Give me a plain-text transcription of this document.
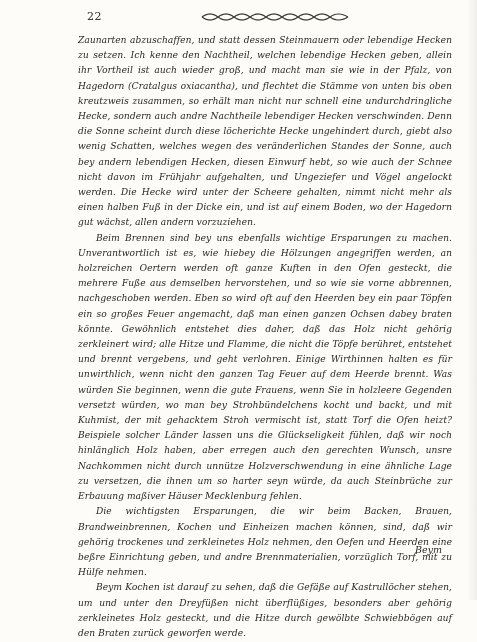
22

Zaunarten abzuschaffen, und statt dessen Steinmauern oder lebendige Hecken zu setzen. Ich kenne den Nachtheil, welchen lebendige Hecken geben, allein ihr Vortheil ist auch wieder groß, und macht man sie wie in der Pfalz, von Hagedorn (Cratalgus oxiacantha), und flechtet die Stämme von unten bis oben kreutzweis zusammen, so erhält man nicht nur schnell eine undurchdringliche Hecke, sondern auch andre Nachtheile lebendiger Hecken verschwinden. Denn die Sonne scheint durch diese löcherichte Hecke ungehindert durch, giebt also wenig Schatten, welches wegen des veränderlichen Standes der Sonne, auch bey andern lebendigen Hecken, diesen Einwurf hebt, so wie auch der Schnee nicht davon im Frühjahr aufgehalten, und Ungeziefer und Vögel angelockt werden. Die Hecke wird unter der Scheere gehalten, nimmt nicht mehr als einen halben Fuß in der Dicke ein, und ist auf einem Boden, wo der Hagedorn gut wächst, allen andern vorzuziehen.

Beim Brennen sind bey uns ebenfalls wichtige Ersparungen zu machen. Unverantwortlich ist es, wie hiebey die Hölzungen angegriffen werden, an holzreichen Oertern werden oft ganze Kuften in den Ofen gesteckt, die mehrere Fuße aus demselben hervorstehen, und so wie sie vorne abbrennen, nachgeschoben werden. Eben so wird oft auf den Heerden bey ein paar Töpfen ein so großes Feuer angemacht, daß man einen ganzen Ochsen dabey braten könnte. Gewöhnlich entstehet dies daher, daß das Holz nicht gehörig zerkleinert wird; alle Hitze und Flamme, die nicht die Töpfe berühret, entstehet und brennt vergebens, und geht verlohren. Einige Wirthinnen halten es für unwirthlich, wenn nicht den ganzen Tag Feuer auf dem Heerde brennt. Was würden Sie beginnen, wenn die gute Frauens, wenn Sie in holzleere Gegenden versetzt würden, wo man bey Strohbündelchens kocht und backt, und mit Kuhmist, der mit gehacktem Stroh vermischt ist, statt Torf die Ofen heizt? Beispiele solcher Länder lassen uns die Glückseligkeit fühlen, daß wir noch hinlänglich Holz haben, aber erregen auch den gerechten Wunsch, unsre Nachkommen nicht durch unnütze Holzverschwendung in eine ähnliche Lage zu versetzen, die ihnen um so harter seyn würde, da auch Steinbrüche zur Erbauung maßiver Häuser Mecklenburg fehlen.

Die wichtigsten Ersparungen, die wir beim Backen, Brauen, Brandweinbrennen, Kochen und Einheizen machen können, sind, daß wir gehörig trockenes und zerkleinetes Holz nehmen, den Oefen und Heerden eine beßre Einrichtung geben, und andre Brennmaterialien, vorzüglich Torf, mit zu Hülfe nehmen.

Beym Kochen ist darauf zu sehen, daß die Gefäße auf Kastrullöcher stehen, um und unter den Dreyfüßen nicht überflüßiges, besonders aber gehörig zerkleinetes Holz gesteckt, und die Hitze durch gewölbte Schwiebbögen auf den Braten zurück geworfen werde.

Beym
